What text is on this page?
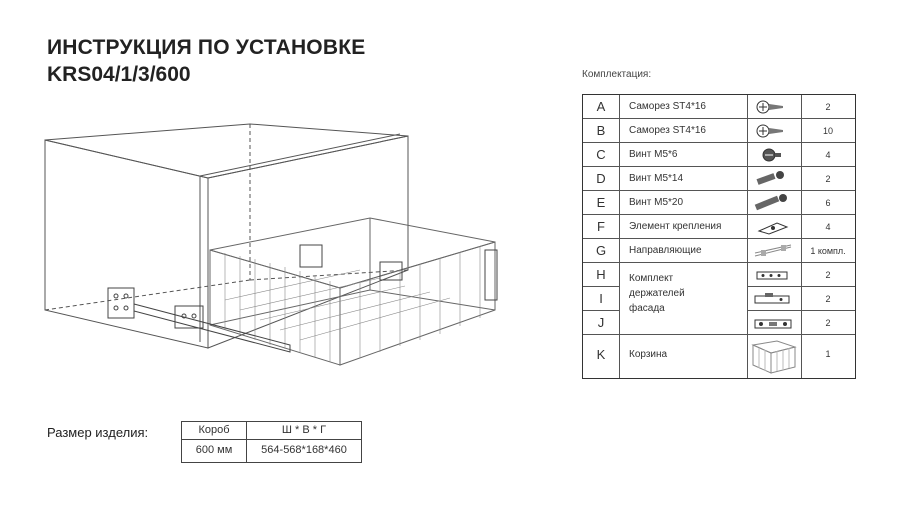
ИНСТРУКЦИЯ ПО УСТАНОВКЕ
KRS04/1/3/600	Комплектация:
A	Саморез ST4*16	2
B	Саморез ST4*16	10
C	Винт М5*6	4
D	Винт М5*14	2
E	Винт М5*20	6
F	Элемент крепления	4
G	Направляющие	1 компл.
H	2
Комплект
держателей
фасада
I	2
J	2
K	Корзина	1
Размер изделия:	Короб	Ш * В * Г
600 мм	564-568*168*460
